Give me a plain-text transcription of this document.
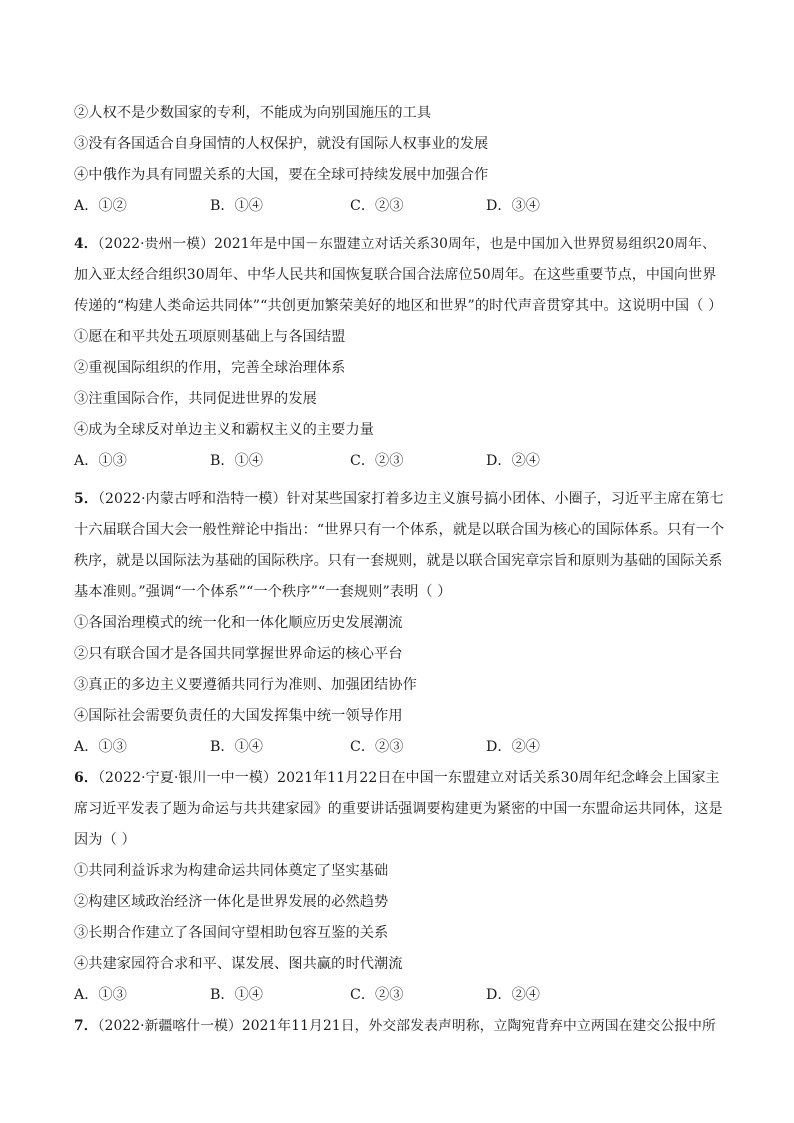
②人权不是少数国家的专利，不能成为向别国施压的工具
③没有各国适合自身国情的人权保护，就没有国际人权事业的发展
④中俄作为具有同盟关系的大国，要在全球可持续发展中加强合作
A．①②	B．①④	C．②③	D．③④
4．（2022·贵州一模）2021年是中国－东盟建立对话关系30周年，也是中国加入世界贸易组织20周年、
加入亚太经合组织30周年、中华人民共和国恢复联合国合法席位50周年。在这些重要节点，中国向世界
传递的“构建人类命运共同体”“共创更加繁荣美好的地区和世界”的时代声音贯穿其中。这说明中国（ ）
①愿在和平共处五项原则基础上与各国结盟
②重视国际组织的作用，完善全球治理体系
③注重国际合作，共同促进世界的发展
④成为全球反对单边主义和霸权主义的主要力量
A．①③	B．①④	C．②③	D．②④
5．（2022·内蒙古呼和浩特一模）针对某些国家打着多边主义旗号搞小团体、小圈子，习近平主席在第七
十六届联合国大会一般性辩论中指出：“世界只有一个体系，就是以联合国为核心的国际体系。只有一个
秩序，就是以国际法为基础的国际秩序。只有一套规则，就是以联合国宪章宗旨和原则为基础的国际关系
基本准则。”强调“一个体系”“一个秩序”“一套规则”表明（ ）
①各国治理模式的统一化和一体化顺应历史发展潮流
②只有联合国才是各国共同掌握世界命运的核心平台
③真正的多边主义要遵循共同行为准则、加强团结协作
④国际社会需要负责任的大国发挥集中统一领导作用
A．①③	B．①④	C．②③	D．②④
6．（2022·宁夏·银川一中一模）2021年11月22日在中国一东盟建立对话关系30周年纪念峰会上国家主
席习近平发表了题为命运与共共建家园》的重要讲话强调要构建更为紧密的中国一东盟命运共同体，这是
因为（ ）
①共同利益诉求为构建命运共同体奠定了坚实基础
②构建区域政治经济一体化是世界发展的必然趋势
③长期合作建立了各国间守望相助包容互鉴的关系
④共建家园符合求和平、谋发展、图共赢的时代潮流
A．①③	B．①④	C．②③	D．②④
7．（2022·新疆喀什一模）2021年11月21日，外交部发表声明称，立陶宛背弃中立两国在建交公报中所
